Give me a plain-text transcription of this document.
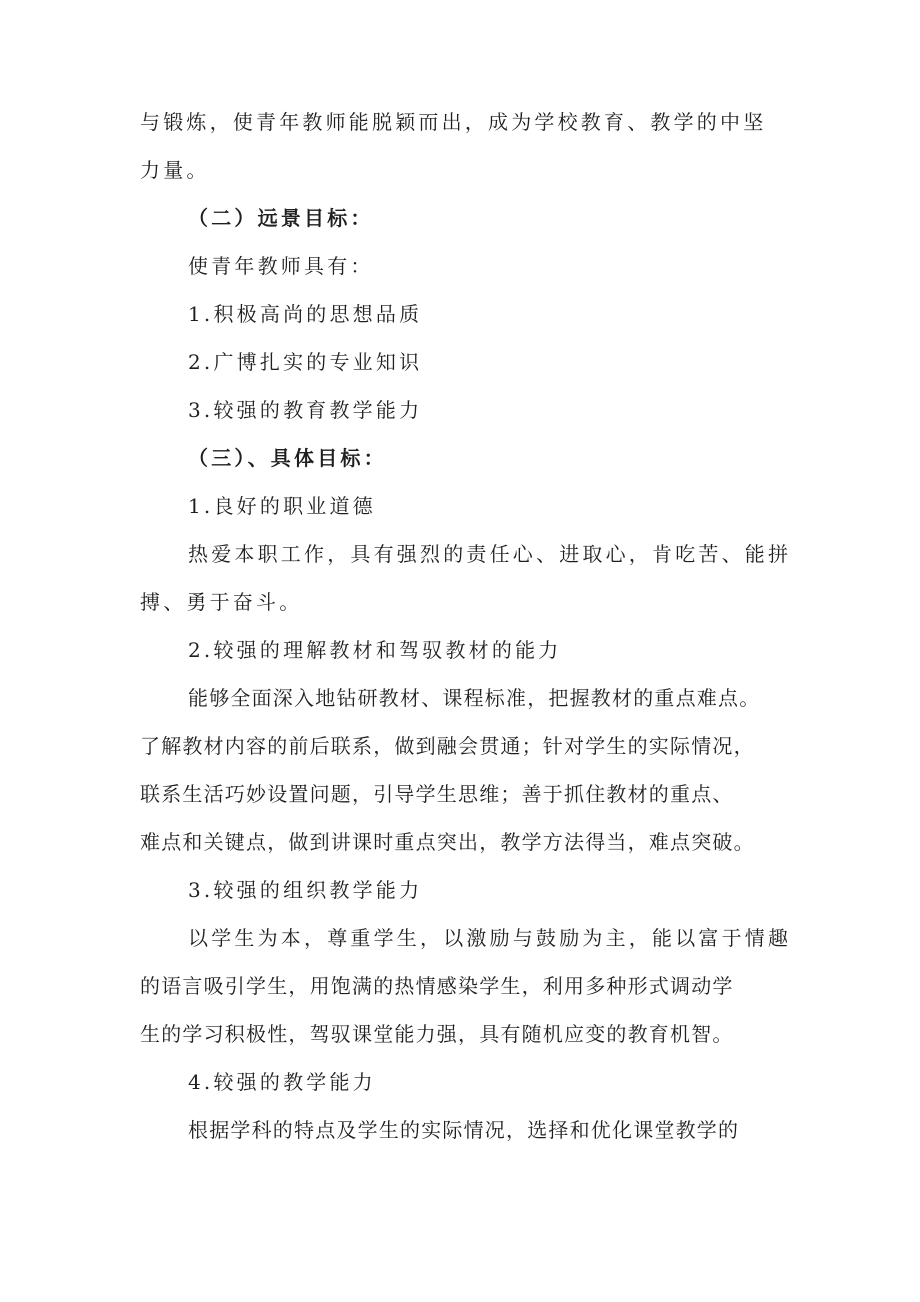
与锻炼，使青年教师能脱颖而出，成为学校教育、教学的中坚
力量。
（二）远景目标：
使青年教师具有：
1.积极高尚的思想品质
2.广博扎实的专业知识
3.较强的教育教学能力
（三）、具体目标：
1.良好的职业道德
热爱本职工作，具有强烈的责任心、进取心，肯吃苦、能拼
搏、勇于奋斗。
2.较强的理解教材和驾驭教材的能力
能够全面深入地钻研教材、课程标准，把握教材的重点难点。
了解教材内容的前后联系，做到融会贯通；针对学生的实际情况，
联系生活巧妙设置问题，引导学生思维；善于抓住教材的重点、
难点和关键点，做到讲课时重点突出，教学方法得当，难点突破。
3.较强的组织教学能力
以学生为本，尊重学生，以激励与鼓励为主，能以富于情趣
的语言吸引学生，用饱满的热情感染学生，利用多种形式调动学
生的学习积极性，驾驭课堂能力强，具有随机应变的教育机智。
4.较强的教学能力
根据学科的特点及学生的实际情况，选择和优化课堂教学的
